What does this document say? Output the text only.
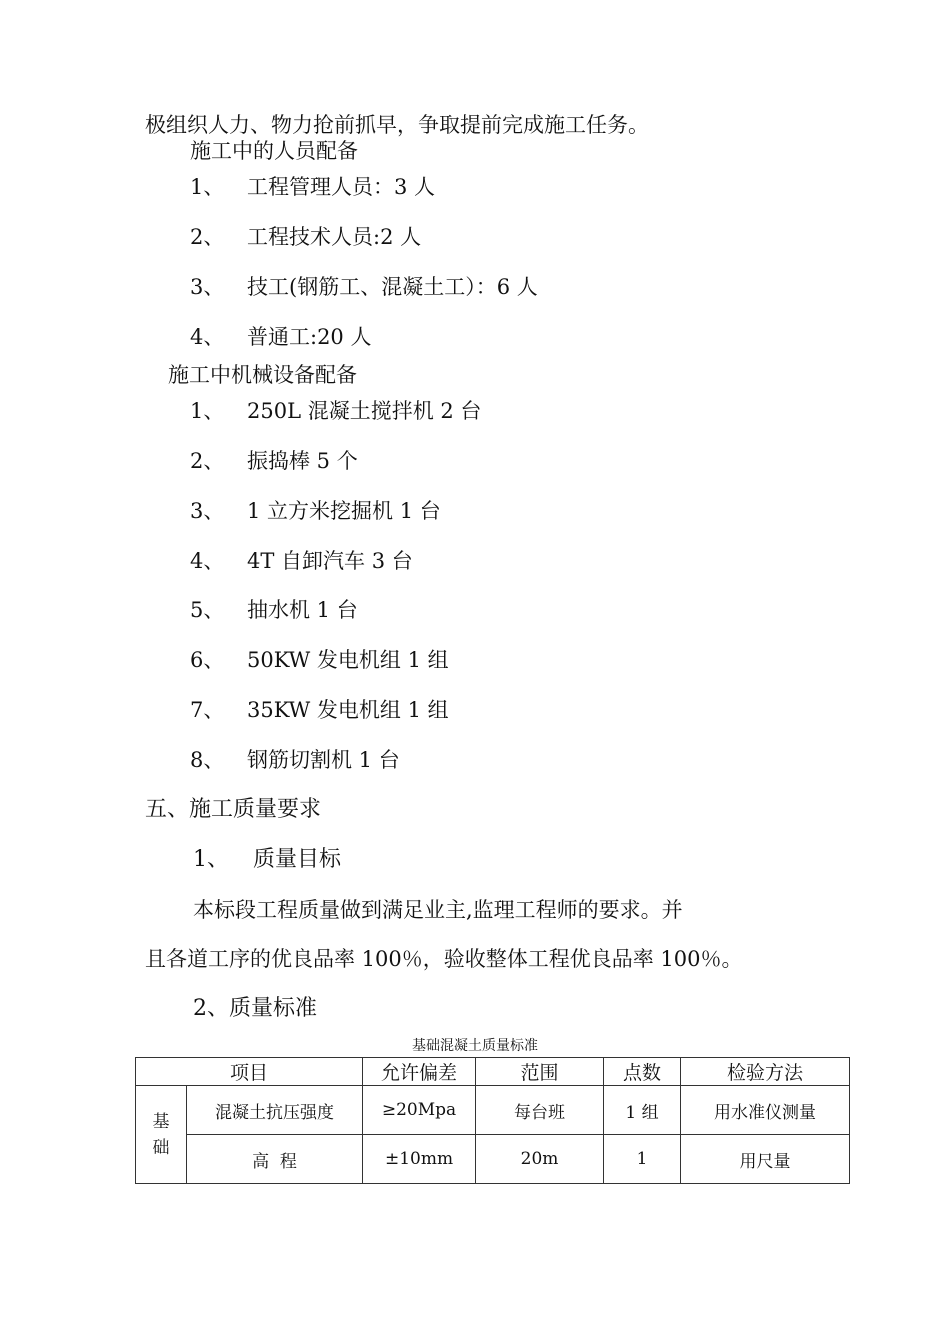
极组织人力、物力抢前抓早，争取提前完成施工任务。
施工中的人员配备
1、 工程管理人员：3 人
2、 工程技术人员:2 人
3、 技工(钢筋工、混凝土工）：6 人
4、 普通工:20 人
施工中机械设备配备
1、 250L 混凝土搅拌机 2 台
2、 振捣棒 5 个
3、 1 立方米挖掘机 1 台
4、 4T 自卸汽车 3 台
5、 抽水机 1 台
6、 50KW 发电机组 1 组
7、 35KW 发电机组 1 组
8、 钢筋切割机 1 台
五、施工质量要求
1、 质量目标
本标段工程质量做到满足业主,监理工程师的要求。并
且各道工序的优良品率 100％，验收整体工程优良品率 100％。
2、质量标准
基础混凝土质量标准
项目		允许偏差	范围	点数	检验方法

基
础	混凝土抗压强度	≥20Mpa	每台班	1 组	用水准仪测量
	高  程	±10mm	20m	1	用尺量
